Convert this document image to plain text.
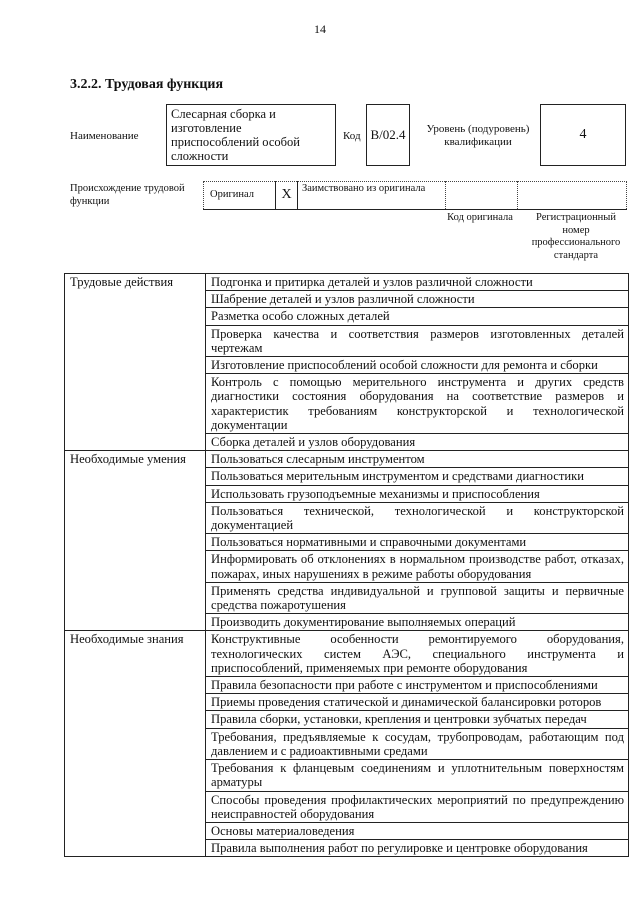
14
3.2.2. Трудовая функция
Наименование
Слесарная сборка и изготовление приспособлений особой сложности
Код B/02.4	Уровень (подуровень) квалификации	4
Происхождение трудовой функции
Оригинал	X Заимствовано из оригинала
Код оригинала	Регистрационный номер профессионального стандарта
Трудовые действия	Подгонка и притирка деталей и узлов различной сложности
	Шабрение деталей и узлов различной сложности
	Разметка особо сложных деталей
	Проверка качества и соответствия размеров изготовленных деталей чертежам
	Изготовление приспособлений особой сложности для ремонта и сборки
	Контроль с помощью мерительного инструмента и других средств диагностики состояния оборудования на соответствие размеров и характеристик требованиям конструкторской и технологической документации
	Сборка деталей и узлов оборудования
Необходимые умения	Пользоваться слесарным инструментом
	Пользоваться мерительным инструментом и средствами диагностики
	Использовать грузоподъемные механизмы и приспособления
	Пользоваться технической, технологической и конструкторской документацией
	Пользоваться нормативными и справочными документами
	Информировать об отклонениях в нормальном производстве работ, отказах, пожарах, иных нарушениях в режиме работы оборудования
	Применять средства индивидуальной и групповой защиты и первичные средства пожаротушения
	Производить документирование выполняемых операций
Необходимые знания	Конструктивные особенности ремонтируемого оборудования, технологических систем АЭС, специального инструмента и приспособлений, применяемых при ремонте оборудования
	Правила безопасности при работе с инструментом и приспособлениями
	Приемы проведения статической и динамической балансировки роторов
	Правила сборки, установки, крепления и центровки зубчатых передач
	Требования, предъявляемые к сосудам, трубопроводам, работающим под давлением и с радиоактивными средами
	Требования к фланцевым соединениям и уплотнительным поверхностям арматуры
	Способы проведения профилактических мероприятий по предупреждению неисправностей оборудования
	Основы материаловедения
	Правила выполнения работ по регулировке и центровке оборудования
